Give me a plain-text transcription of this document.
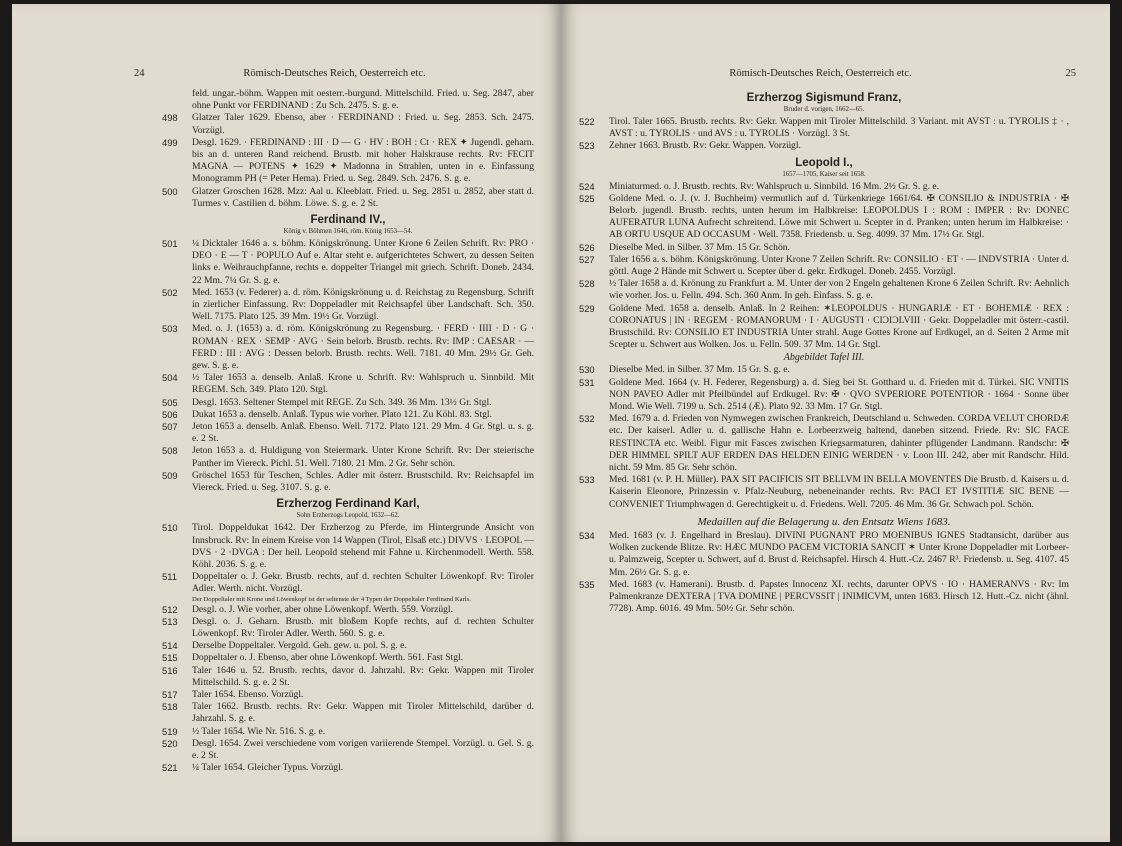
24	Römisch-Deutsches Reich, Oesterreich etc.
feld. ungar.-böhm. Wappen mit oesterr.-burgund. Mittelschild. Fried. u. Seg. 2847, aber ohne Punkt vor FERDINAND : Zu Sch. 2475. S. g. e.
498	Glatzer Taler 1629. Ebenso, aber · FERDINAND : Fried. u. Seg. 2853. Sch. 2475. Vorzügl.
499	Desgl. 1629. · FERDINAND : III · D — G · HV : BOH : Ct · REX ✦ Jugendl. geharn. bis an d. unteren Rand reichend. Brustb. mit hoher Halskrause rechts. Rv: FECIT MAGNA — POTENS ✦ 1629 ✦ Madonna in Strahlen, unten in e. Einfassung Monogramm PH (= Peter Hema). Fried. u. Seg. 2849. Sch. 2476. S. g. e.
500	Glatzer Groschen 1628. Mzz: Aal u. Kleeblatt. Fried. u. Seg. 2851 u. 2852, aber statt d. Turmes v. Castilien d. böhm. Löwe. S. g. e. 2 St.
Ferdinand IV.,
König v. Böhmen 1646, röm. König 1653—54.
501	¼ Dicktaler 1646 a. s. böhm. Königskrönung. Unter Krone 6 Zeilen Schrift. Rv: PRO · DEO · E — T · POPULO Auf e. Altar steht e. aufgerichtetes Schwert, zu dessen Seiten links e. Weihrauchpfanne, rechts e. doppelter Triangel mit griech. Schrift. Doneb. 2434. 22 Mm. 7¼ Gr. S. g. e.
502	Med. 1653 (v. Federer) a. d. röm. Königskrönung u. d. Reichstag zu Regensburg. Schrift in zierlicher Einfassung. Rv: Doppeladler mit Reichsapfel über Landschaft. Sch. 350. Well. 7175. Plato 125. 39 Mm. 19½ Gr. Vorzügl.
503	Med. o. J. (1653) a. d. röm. Königskrönung zu Regensburg. · FERD · IIII · D · G · ROMAN · REX · SEMP · AVG · Sein belorb. Brustb. rechts. Rv: IMP : CAESAR · — FERD : III : AVG : Dessen belorb. Brustb. rechts. Well. 7181. 40 Mm. 29½ Gr. Geh. gew. S. g. e.
504	½ Taler 1653 a. denselb. Anlaß. Krone u. Schrift. Rv: Wahlspruch u. Sinnbild. Mit REGEM. Sch. 349. Plato 120. Stgl.
505	Desgl. 1653. Seltener Stempel mit REGE. Zu Sch. 349. 36 Mm. 13½ Gr. Stgl.
506	Dukat 1653 a. denselb. Anlaß. Typus wie vorher. Plato 121. Zu Köhl. 83. Stgl.
507	Jeton 1653 a. denselb. Anlaß. Ebenso. Well. 7172. Plato 121. 29 Mm. 4 Gr. Stgl. u. s. g. e. 2 St.
508	Jeton 1653 a. d. Huldigung von Steiermark. Unter Krone Schrift. Rv: Der steierische Panther im Viereck. Pichl. 51. Well. 7180. 21 Mm. 2 Gr. Sehr schön.
509	Gröschel 1653 für Teschen, Schles. Adler mit österr. Brustschild. Rv: Reichsapfel im Viereck. Fried. u. Seg. 3107. S. g. e.
Erzherzog Ferdinand Karl,
Sohn Erzherzogs Leopold, 1632—62.
510	Tirol. Doppeldukat 1642. Der Erzherzog zu Pferde, im Hintergrunde Ansicht von Innsbruck. Rv: In einem Kreise von 14 Wappen (Tirol, Elsaß etc.) DIVVS · LEOPOL — DVS · 2 ·DVGA : Der heil. Leopold stehend mit Fahne u. Kirchenmodell. Werth. 558. Köhl. 2036. S. g. e.
511	Doppeltaler o. J. Gekr. Brustb. rechts, auf d. rechten Schulter Löwenkopf. Rv: Tiroler Adler. Werth. nicht. Vorzügl.
Der Doppeltaler mit Krone und Löwenkopf ist der seltenste der 4 Typen der Doppeltaler Ferdinand Karls.
512	Desgl. o. J. Wie vorher, aber ohne Löwenkopf. Werth. 559. Vorzügl.
513	Desgl. o. J. Geharn. Brustb. mit bloßem Kopfe rechts, auf d. rechten Schulter Löwenkopf. Rv: Tiroler Adler. Werth. 560. S. g. e.
514	Derselbe Doppeltaler. Vergold. Geh. gew. u. pol. S. g. e.
515	Doppeltaler o. J. Ebenso, aber ohne Löwenkopf. Werth. 561. Fast Stgl.
516	Taler 1646 u. 52. Brustb. rechts, davor d. Jahrzahl. Rv: Gekr. Wappen mit Tiroler Mittelschild. S. g. e. 2 St.
517	Taler 1654. Ebenso. Vorzügl.
518	Taler 1662. Brustb. rechts. Rv: Gekr. Wappen mit Tiroler Mittelschild, darüber d. Jahrzahl. S. g. e.
519	½ Taler 1654. Wie Nr. 516. S. g. e.
520	Desgl. 1654. Zwei verschiedene vom vorigen variierende Stempel. Vorzügl. u. Gel. S. g. e. 2 St.
521	¼ Taler 1654. Gleicher Typus. Vorzügl.
Römisch-Deutsches Reich, Oesterreich etc.	25
Erzherzog Sigismund Franz,
Bruder d. vorigen, 1662—65.
522	Tirol. Taler 1665. Brustb. rechts. Rv: Gekr. Wappen mit Tiroler Mittelschild. 3 Variant. mit AVST : u. TYROLIS ‡ · , AVST : u. TYROLIS · und AVS : u. TYROLIS · Vorzügl. 3 St.
523	Zehner 1663. Brustb. Rv: Gekr. Wappen. Vorzügl.
Leopold I.,
1657—1705, Kaiser seit 1658.
524	Miniaturmed. o. J. Brustb. rechts. Rv: Wahlspruch u. Sinnbild. 16 Mm. 2½ Gr. S. g. e.
525	Goldene Med. o. J. (v. J. Buchheim) vermutlich auf d. Türkenkriege 1661/64. ✠ CONSILIO & INDUSTRIA · ✠ Belorb. jugendl. Brustb. rechts, unten herum im Halbkreise: LEOPOLDUS I : ROM : IMPER : Rv: DONEC AUFERATUR LUNA Aufrecht schreitend. Löwe mit Schwert u. Scepter in d. Pranken; unten herum im Halbkreise: · AB ORTU USQUE AD OCCASUM · Well. 7358. Friedensb. u. Seg. 4099. 37 Mm. 17½ Gr. Stgl.
526	Dieselbe Med. in Silber. 37 Mm. 15 Gr. Schön.
527	Taler 1656 a. s. böhm. Königskrönung. Unter Krone 7 Zeilen Schrift. Rv: CONSILIO · ET · — INDVSTRIA · Unter d. göttl. Auge 2 Hände mit Schwert u. Scepter über d. gekr. Erdkugel. Doneb. 2455. Vorzügl.
528	½ Taler 1658 a. d. Krönung zu Frankfurt a. M. Unter der von 2 Engeln gehaltenen Krone 6 Zeilen Schrift. Rv: Aehnlich wie vorher. Jos. u. Felln. 494. Sch. 360 Anm. In geh. Einfass. S. g. e.
529	Goldene Med. 1658 a. denselb. Anlaß. In 2 Reihen: ✶LEOPOLDUS · HUNGARIÆ · ET · BOHEMIÆ · REX : CORONATUS | IN · REGEM · ROMANORUM · I · AUGUSTI · CIϽIϽLVIII · Gekr. Doppeladler mit österr.-castil. Brustschild. Rv: CONSILIO ET INDUSTRIA Unter strahl. Auge Gottes Krone auf Erdkugel, an d. Seiten 2 Arme mit Scepter u. Schwert aus Wolken. Jos. u. Felln. 509. 37 Mm. 14 Gr. Stgl.
Abgebildet Tafel III.
530	Dieselbe Med. in Silber. 37 Mm. 15 Gr. S. g. e.
531	Goldene Med. 1664 (v. H. Federer, Regensburg) a. d. Sieg bei St. Gotthard u. d. Frieden mit d. Türkei. SIC VNITIS NON PAVEO Adler mit Pfeilbündel auf Erdkugel. Rv: ✠ · QVO SVPERIORE POTENTIOR · 1664 · Sonne über Mond. Wie Well. 7199 u. Sch. 2514 (Æ). Plato 92. 33 Mm. 17 Gr. Stgl.
532	Med. 1679 a. d. Frieden von Nymwegen zwischen Frankreich, Deutschland u. Schweden. CORDA VELUT CHORDÆ etc. Der kaiserl. Adler u. d. gallische Hahn e. Lorbeerzweig haltend, daneben sitzend. Friede. Rv: SIC FACE RESTINCTA etc. Weibl. Figur mit Fasces zwischen Kriegsarmaturen, dahinter pflügender Landmann. Randschr: ✠ DER HIMMEL SPILT AUF ERDEN DAS HELDEN EINIG WERDEN · v. Loon III. 242, aber mit Randschr. Hild. nicht. 59 Mm. 85 Gr. Sehr schön.
533	Med. 1681 (v. P. H. Müller). PAX SIT PACIFICIS SIT BELLVM IN BELLA MOVENTES Die Brustb. d. Kaisers u. d. Kaiserin Eleonore, Prinzessin v. Pfalz-Neuburg, nebeneinander rechts. Rv: PACI ET IVSTITIÆ SIC BENE — CONVENIET Triumphwagen d. Gerechtigkeit u. d. Friedens. Well. 7205. 46 Mm. 36 Gr. Schwach pol. Schön.
Medaillen auf die Belagerung u. den Entsatz Wiens 1683.
534	Med. 1683 (v. J. Engelhard in Breslau). DIVINI PUGNANT PRO MOENIBUS IGNES Stadtansicht, darüber aus Wolken zuckende Blitze. Rv: HÆC MUNDO PACEM VICTORIA SANCIT ✶ Unter Krone Doppeladler mit Lorbeer- u. Palmzweig, Scepter u. Schwert, auf d. Brust d. Reichsapfel. Hirsch 4. Hutt.-Cz. 2467 R³. Friedensb. u. Seg. 4107. 45 Mm. 26½ Gr. S. g. e.
535	Med. 1683 (v. Hamerani). Brustb. d. Papstes Innocenz XI. rechts, darunter OPVS · IO · HAMERANVS · Rv: Im Palmenkranze DEXTERA | TVA DOMINE | PERCVSSIT | INIMICVM, unten 1683. Hirsch 12. Hutt.-Cz. nicht (ähnl. 7728). Amp. 6016. 49 Mm. 50½ Gr. Sehr schön.
